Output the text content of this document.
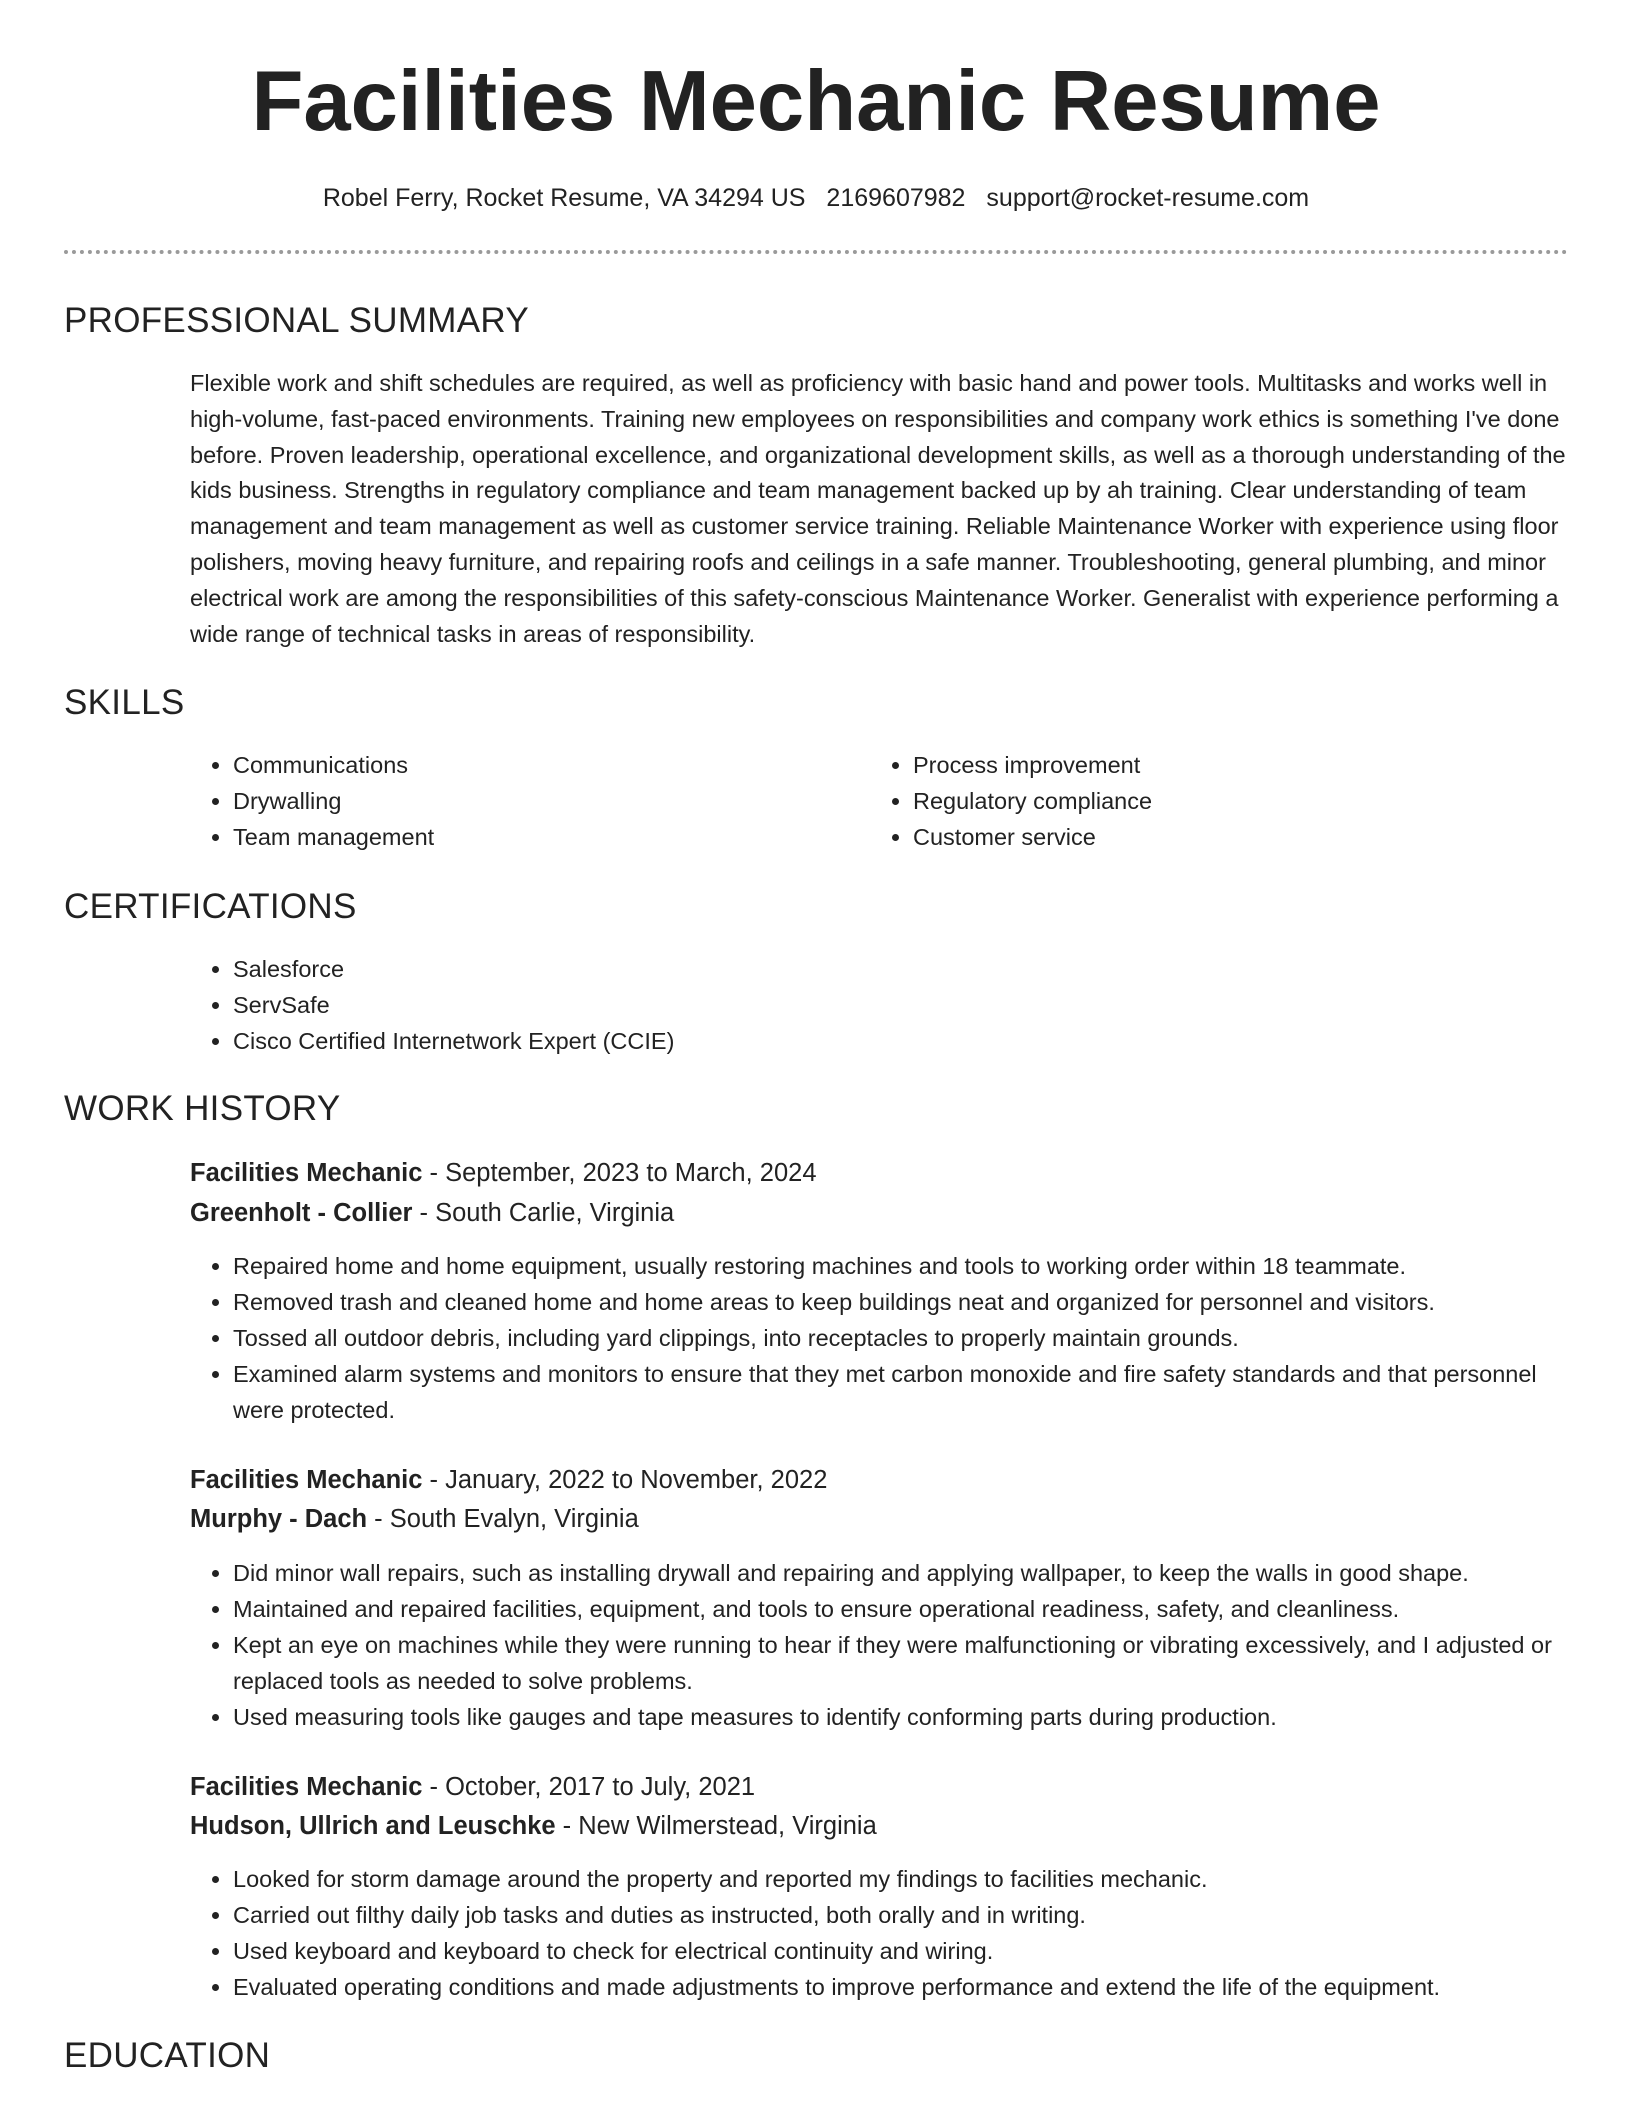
Facilities Mechanic Resume
Robel Ferry, Rocket Resume, VA 34294 US 2169607982 support@rocket-resume.com
PROFESSIONAL SUMMARY

Flexible work and shift schedules are required, as well as proficiency with basic hand and power tools. Multitasks and works well in high-volume, fast-paced environments. Training new employees on responsibilities and company work ethics is something I've done before. Proven leadership, operational excellence, and organizational development skills, as well as a thorough understanding of the kids business. Strengths in regulatory compliance and team management backed up by ah training. Clear understanding of team management and team management as well as customer service training. Reliable Maintenance Worker with experience using floor polishers, moving heavy furniture, and repairing roofs and ceilings in a safe manner. Troubleshooting, general plumbing, and minor electrical work are among the responsibilities of this safety-conscious Maintenance Worker. Generalist with experience performing a wide range of technical tasks in areas of responsibility.

SKILLS
• Communications
• Drywalling
• Team management
• Process improvement
• Regulatory compliance
• Customer service
CERTIFICATIONS
• Salesforce
• ServSafe
• Cisco Certified Internetwork Expert (CCIE)
WORK HISTORY
Facilities Mechanic - September, 2023 to March, 2024
Greenholt - Collier - South Carlie, Virginia
• Repaired home and home equipment, usually restoring machines and tools to working order within 18 teammate.
• Removed trash and cleaned home and home areas to keep buildings neat and organized for personnel and visitors.
• Tossed all outdoor debris, including yard clippings, into receptacles to properly maintain grounds.
• Examined alarm systems and monitors to ensure that they met carbon monoxide and fire safety standards and that personnel were protected.
Facilities Mechanic - January, 2022 to November, 2022
Murphy - Dach - South Evalyn, Virginia
• Did minor wall repairs, such as installing drywall and repairing and applying wallpaper, to keep the walls in good shape.
• Maintained and repaired facilities, equipment, and tools to ensure operational readiness, safety, and cleanliness.
• Kept an eye on machines while they were running to hear if they were malfunctioning or vibrating excessively, and I adjusted or replaced tools as needed to solve problems.
• Used measuring tools like gauges and tape measures to identify conforming parts during production.
Facilities Mechanic - October, 2017 to July, 2021
Hudson, Ullrich and Leuschke - New Wilmerstead, Virginia
• Looked for storm damage around the property and reported my findings to facilities mechanic.
• Carried out filthy daily job tasks and duties as instructed, both orally and in writing.
• Used keyboard and keyboard to check for electrical continuity and wiring.
• Evaluated operating conditions and made adjustments to improve performance and extend the life of the equipment.
EDUCATION
